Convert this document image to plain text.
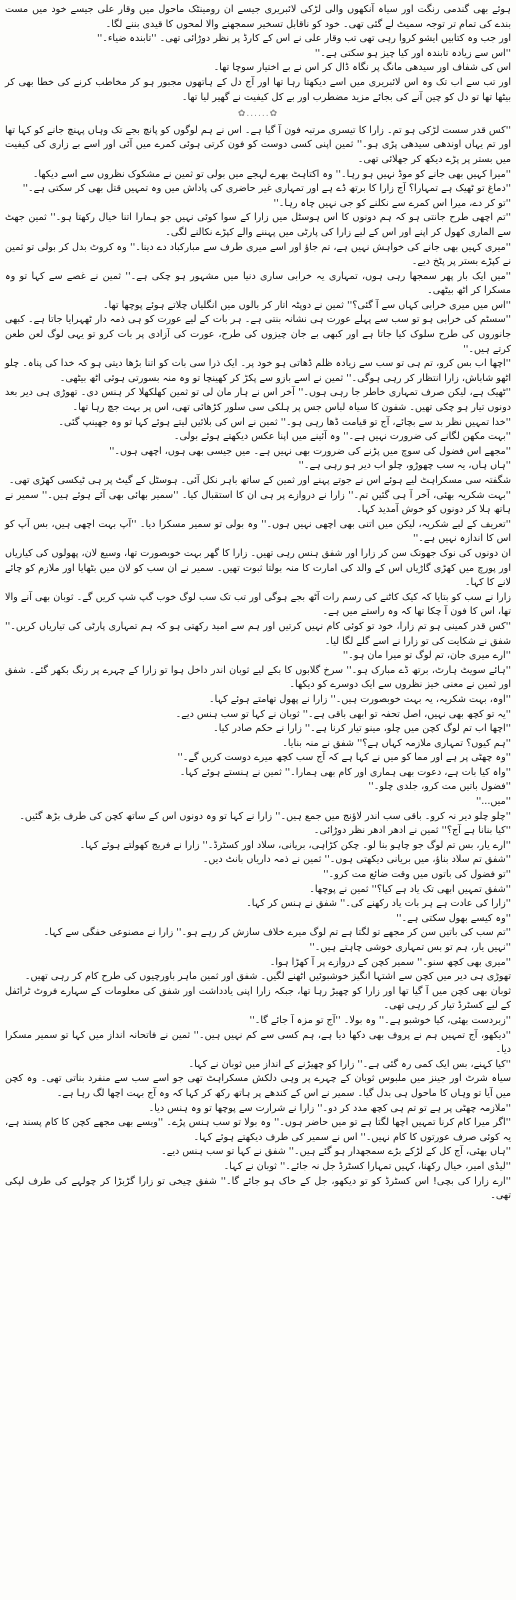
ہوئے بھی گندمی رنگت اور سیاہ آنکھوں والی لڑکی لائبریری جیسے ان رومینٹک ماحول میں وقار علی جیسے خود میں مست بندے کی تمام تر توجہ سمیٹ لے گئی تھی۔ خود کو ناقابل تسخیر سمجھنے والا لمحوں کا قیدی بننے لگا۔

اور جب وہ کتابیں ایشو کروا رہی تھی تب وقار علی نے اس کے کارڈ پر نظر دوڑائی تھی۔ ''تابندہ ضیاء۔''

''اس سے زیادہ تابندہ اور کیا چیز ہو سکتی ہے۔''

اس کی شفاف اور سیدھی مانگ پر نگاہ ڈال کر اس نے بے اختیار سوچا تھا۔

اور تب سے اب تک وہ اس لائبریری میں اسے دیکھتا رہا تھا اور آج دل کے ہاتھوں مجبور ہو کر مخاطب کرنے کی خطا بھی کر بیٹھا تھا تو دل کو چین آنے کی بجائے مزید مضطرب اور بے کل کیفیت نے گھیر لیا تھا۔

✿......✿

''کس قدر سست لڑکی ہو تم۔ زارا کا تیسری مرتبہ فون آ گیا ہے۔ اس نے ہم لوگوں کو پانچ بجے تک وہاں پہنچ جانے کو کہا تھا اور تم یہاں اوندھی سیدھی پڑی ہو۔'' ثمین اپنی کسی دوست کو فون کرتی ہوئی کمرے میں آئی اور اسے بے زاری کی کیفیت میں بستر پر پڑے دیکھ کر جھلائی تھی۔

''میرا کہیں بھی جانے کو موڈ نہیں ہو رہا۔'' وہ اکتاہٹ بھرے لہجے میں بولی تو ثمین نے مشکوک نظروں سے اسے دیکھا۔

''دماغ تو ٹھیک ہے تمہارا؟ آج زارا کا برتھ ڈے ہے اور تمہاری غیر حاضری کی پاداش میں وہ تمہیں قتل بھی کر سکتی ہے۔''

''تو کر دے، میرا اس کمرے سے نکلنے کو جی نہیں چاہ رہا۔''

''تم اچھی طرح جانتی ہو کہ ہم دونوں کا اس ہوسٹل میں زارا کے سوا کوئی نہیں جو ہمارا اتنا خیال رکھتا ہو۔'' ثمین جھٹ سے الماری کھول کر اپنے اور اس کے لیے زارا کی پارٹی میں پہننے والے کپڑے نکالنے لگی۔

''میری کہیں بھی جانے کی خواہش نہیں ہے، تم جاؤ اور اسے میری طرف سے مبارکباد دے دینا۔'' وہ کروٹ بدل کر بولی تو ثمین نے کپڑے بستر پر پٹخ دیے۔

''میں ایک بار پھر سمجھا رہی ہوں، تمہاری یہ خرابی ساری دنیا میں مشہور ہو چکی ہے۔'' ثمین نے غصے سے کہا تو وہ مسکرا کر اٹھ بیٹھی۔

''اس میں میری خرابی کہاں سے آ گئی؟'' ثمین نے دوپٹہ اتار کر بالوں میں انگلیاں چلاتے ہوئے پوچھا تھا۔

''سسٹم کی خرابی ہو تو سب سے پہلے عورت ہی نشانہ بنتی ہے۔ ہر بات کے لیے عورت کو ہی ذمہ دار ٹھہرایا جاتا ہے۔ کبھی جانوروں کی طرح سلوک کیا جاتا ہے اور کبھی بے جان چیزوں کی طرح، عورت کی آزادی پر بات کرو تو یہی لوگ لعن طعن کرتے ہیں۔''

''اچھا اب بس کرو، تم ہی تو سب سے زیادہ ظلم ڈھاتی ہو خود پر۔ ایک ذرا سی بات کو اتنا بڑھا دیتی ہو کہ خدا کی پناہ۔ چلو اٹھو شاباش، زارا انتظار کر رہی ہوگی۔'' ثمین نے اسے بازو سے پکڑ کر کھینچا تو وہ منہ بسورتی ہوئی اٹھ بیٹھی۔

''ٹھیک ہے، لیکن صرف تمہاری خاطر جا رہی ہوں۔'' آخر اس نے ہار مان لی تو ثمین کھلکھلا کر ہنس دی۔ تھوڑی ہی دیر بعد دونوں تیار ہو چکی تھیں۔ شفون کا سیاہ لباس جس پر ہلکی سی سلور کڑھائی تھی، اس پر بہت جچ رہا تھا۔

''خدا تمہیں نظر بد سے بچائے، آج تو قیامت ڈھا رہی ہو۔'' ثمین نے اس کی بلائیں لیتے ہوئے کہا تو وہ جھینپ گئی۔

''بہت مکھن لگانے کی ضرورت نہیں ہے۔'' وہ آئینے میں اپنا عکس دیکھتے ہوئے بولی۔

''مجھے اس فضول کی سوچ میں پڑنے کی ضرورت بھی نہیں ہے۔ میں جیسی بھی ہوں، اچھی ہوں۔''

''ہاں ہاں، یہ سب چھوڑو، چلو اب دیر ہو رہی ہے۔''

شگفتہ سی مسکراہٹ لیے ہوئے اس نے جوتے پہنے اور ثمین کے ساتھ باہر نکل آئی۔ ہوسٹل کے گیٹ پر ہی ٹیکسی کھڑی تھی۔

''بہت شکریہ بھئی، آخر آ ہی گئیں تم۔'' زارا نے دروازے پر ہی ان کا استقبال کیا۔ ''سمیر بھائی بھی آئے ہوئے ہیں۔'' سمیر نے ہاتھ ہلا کر دونوں کو خوش آمدید کہا۔

''تعریف کے لیے شکریہ، لیکن میں اتنی بھی اچھی نہیں ہوں۔'' وہ بولی تو سمیر مسکرا دیا۔ ''آپ بہت اچھی ہیں، بس آپ کو اس کا اندازہ نہیں ہے۔''

ان دونوں کی نوک جھونک سن کر زارا اور شفق ہنس رہی تھیں۔ زارا کا گھر بہت خوبصورت تھا، وسیع لان، پھولوں کی کیاریاں اور پورچ میں کھڑی گاڑیاں اس کے والد کی امارت کا منہ بولتا ثبوت تھیں۔ سمیر نے ان سب کو لان میں بٹھایا اور ملازم کو چائے لانے کا کہا۔

زارا نے سب کو بتایا کہ کیک کاٹنے کی رسم رات آٹھ بجے ہوگی اور تب تک سب لوگ خوب گپ شپ کریں گے۔ ثوبان بھی آنے والا تھا، اس کا فون آ چکا تھا کہ وہ راستے میں ہے۔

''کس قدر کمینی ہو تم زارا، خود تو کوئی کام نہیں کرتیں اور ہم سے امید رکھتی ہو کہ ہم تمہاری پارٹی کی تیاریاں کریں۔'' شفق نے شکایت کی تو زارا نے اسے گلے لگا لیا۔

''ارے میری جان، تم لوگ تو میرا مان ہو۔''

''ہائے سویٹ ہارٹ، برتھ ڈے مبارک ہو۔'' سرخ گلابوں کا بکے لیے ثوبان اندر داخل ہوا تو زارا کے چہرے پر رنگ بکھر گئے۔ شفق اور ثمین نے معنی خیز نظروں سے ایک دوسرے کو دیکھا۔

''اوہ، بہت شکریہ، یہ بہت خوبصورت ہیں۔'' زارا نے پھول تھامتے ہوئے کہا۔

''یہ تو کچھ بھی نہیں، اصل تحفہ تو ابھی باقی ہے۔'' ثوبان نے کہا تو سب ہنس دیے۔

''اچھا اب تم لوگ کچن میں چلو، مینو تیار کرنا ہے۔'' زارا نے حکم صادر کیا۔

''ہم کیوں؟ تمہاری ملازمہ کہاں ہے؟'' شفق نے منہ بنایا۔

''وہ چھٹی پر ہے اور مما کو میں نے کہا ہے کہ آج سب کچھ میرے دوست کریں گے۔''

''واہ کیا بات ہے، دعوت بھی ہماری اور کام بھی ہمارا۔'' ثمین نے ہنستے ہوئے کہا۔

''فضول باتیں مت کرو، جلدی چلو۔''

''میں...''

''چلو چلو دیر نہ کرو۔ باقی سب اندر لاؤنج میں جمع ہیں۔'' زارا نے کہا تو وہ دونوں اس کے ساتھ کچن کی طرف بڑھ گئیں۔

''کیا بنانا ہے آج؟'' ثمین نے ادھر ادھر نظر دوڑائی۔

''ارے یار، بس تم لوگ جو چاہو بنا لو۔ چکن کڑاہی، بریانی، سلاد اور کسٹرڈ۔'' زارا نے فریج کھولتے ہوئے کہا۔

''شفق تم سلاد بناؤ، میں بریانی دیکھتی ہوں۔'' ثمین نے ذمہ داریاں بانٹ دیں۔

''تو فضول کی باتوں میں وقت ضائع مت کرو۔''

''شفق تمہیں ابھی تک یاد ہے کیا؟'' ثمین نے پوچھا۔

''زارا کی عادت ہے ہر بات یاد رکھنے کی۔'' شفق نے ہنس کر کہا۔

''وہ کیسے بھول سکتی ہے۔''

''تم سب کی باتیں سن کر مجھے تو لگتا ہے تم لوگ میرے خلاف سازش کر رہے ہو۔'' زارا نے مصنوعی خفگی سے کہا۔

''نہیں یار، ہم تو بس تمہاری خوشی چاہتے ہیں۔''

''میری بھی کچھ سنو۔'' سمیر کچن کے دروازے پر آ کھڑا ہوا۔

تھوڑی ہی دیر میں کچن سے اشتہا انگیز خوشبوئیں اٹھنے لگیں۔ شفق اور ثمین ماہر باورچیوں کی طرح کام کر رہی تھیں۔

ثوبان بھی کچن میں آ گیا تھا اور زارا کو چھیڑ رہا تھا، جبکہ زارا اپنی یادداشت اور شفق کی معلومات کے سہارے فروٹ ٹرائفل کے لیے کسٹرڈ تیار کر رہی تھی۔

''زبردست بھئی، کیا خوشبو ہے۔'' وہ بولا۔ ''آج تو مزہ آ جائے گا۔''

''دیکھو، آج تمہیں ہم نے پروف بھی دکھا دیا ہے، ہم کسی سے کم نہیں ہیں۔'' ثمین نے فاتحانہ انداز میں کہا تو سمیر مسکرا دیا۔

''کیا کہنے، بس ایک کمی رہ گئی ہے۔'' زارا کو چھیڑنے کے انداز میں ثوبان نے کہا۔

سیاہ شرٹ اور جینز میں ملبوس ثوبان کے چہرے پر وہی دلکش مسکراہٹ تھی جو اسے سب سے منفرد بناتی تھی۔ وہ کچن میں آیا تو وہاں کا ماحول ہی بدل گیا۔ سمیر نے اس کے کندھے پر ہاتھ رکھ کر کہا کہ وہ آج بہت اچھا لگ رہا ہے۔

''ملازمہ چھٹی پر ہے تو تم ہی کچھ مدد کر دو۔'' زارا نے شرارت سے پوچھا تو وہ ہنس دیا۔

''اگر میرا کام کرنا تمہیں اچھا لگتا ہے تو میں حاضر ہوں۔'' وہ بولا تو سب ہنس پڑے۔ ''ویسے بھی مجھے کچن کا کام پسند ہے، یہ کوئی صرف عورتوں کا کام نہیں۔'' اس نے سمیر کی طرف دیکھتے ہوئے کہا۔

''ہاں بھئی، آج کل کے لڑکے بڑے سمجھدار ہو گئے ہیں۔'' شفق نے کہا تو سب ہنس دیے۔

''لیڈی امیر، خیال رکھنا، کہیں تمہارا کسٹرڈ جل نہ جائے۔'' ثوبان نے کہا۔

''ارے زارا کی بچی! اس کسٹرڈ کو تو دیکھو، جل کے خاک ہو جائے گا۔'' شفق چیخی تو زارا گڑبڑا کر چولہے کی طرف لپکی تھی۔
